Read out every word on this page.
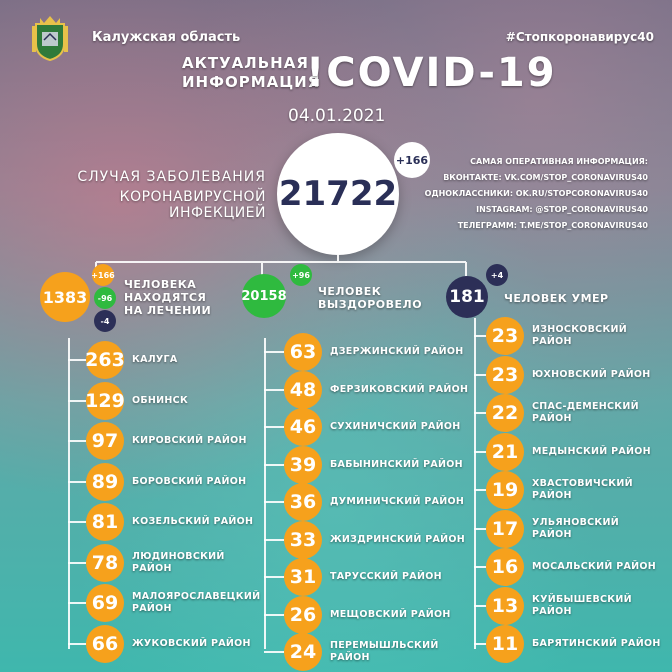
Калужская область	#Стопкоронавирус40
АКТУАЛЬНАЯ
ИНФОРМАЦИЯ
!COVID-19
04.01.2021
21722
+166
СЛУЧАЯ ЗАБОЛЕВАНИЯ
КОРОНАВИРУСНОЙ ИНФЕКЦИЕЙ
САМАЯ ОПЕРАТИВНАЯ ИНФОРМАЦИЯ:
ВКОНТАКТЕ: VK.COM/STOP_CORONAVIRUS40
ОДНОКЛАССНИКИ: OK.RU/STOPCORONAVIRUS40
INSTAGRAM: @STOP_CORONAVIRUS40
ТЕЛЕГРАММ: T.ME/STOP_CORONAVIRUS40
1383
+166
-96
-4
ЧЕЛОВЕКА
НАХОДЯТСЯ
НА ЛЕЧЕНИИ
20158
+96
ЧЕЛОВЕК
ВЫЗДОРОВЕЛО 181
+4
ЧЕЛОВЕК УМЕР
263 КАЛУГА
129 ОБНИНСК
97	КИРОВСКИЙ РАЙОН
89	БОРОВСКИЙ РАЙОН
81	КОЗЕЛЬСКИЙ РАЙОН
78	ЛЮДИНОВСКИЙ РАЙОН
69	МАЛОЯРОСЛАВЕЦКИЙ РАЙОН
66	ЖУКОВСКИЙ РАЙОН
63	ДЗЕРЖИНСКИЙ РАЙОН
48	ФЕРЗИКОВСКИЙ РАЙОН
46	СУХИНИЧСКИЙ РАЙОН
39	БАБЫНИНСКИЙ РАЙОН
36	ДУМИНИЧСКИЙ РАЙОН
33	ЖИЗДРИНСКИЙ РАЙОН
31	ТАРУССКИЙ РАЙОН
26	МЕЩОВСКИЙ РАЙОН
24	ПЕРЕМЫШЛЬСКИЙ РАЙОН
23	ИЗНОСКОВСКИЙ РАЙОН
23	ЮХНОВСКИЙ РАЙОН
22	СПАС-ДЕМЕНСКИЙ РАЙОН
21	МЕДЫНСКИЙ РАЙОН
19	ХВАСТОВИЧСКИЙ РАЙОН
17	УЛЬЯНОВСКИЙ РАЙОН
16	МОСАЛЬСКИЙ РАЙОН
13	КУЙБЫШЕВСКИЙ РАЙОН
11	БАРЯТИНСКИЙ РАЙОН
